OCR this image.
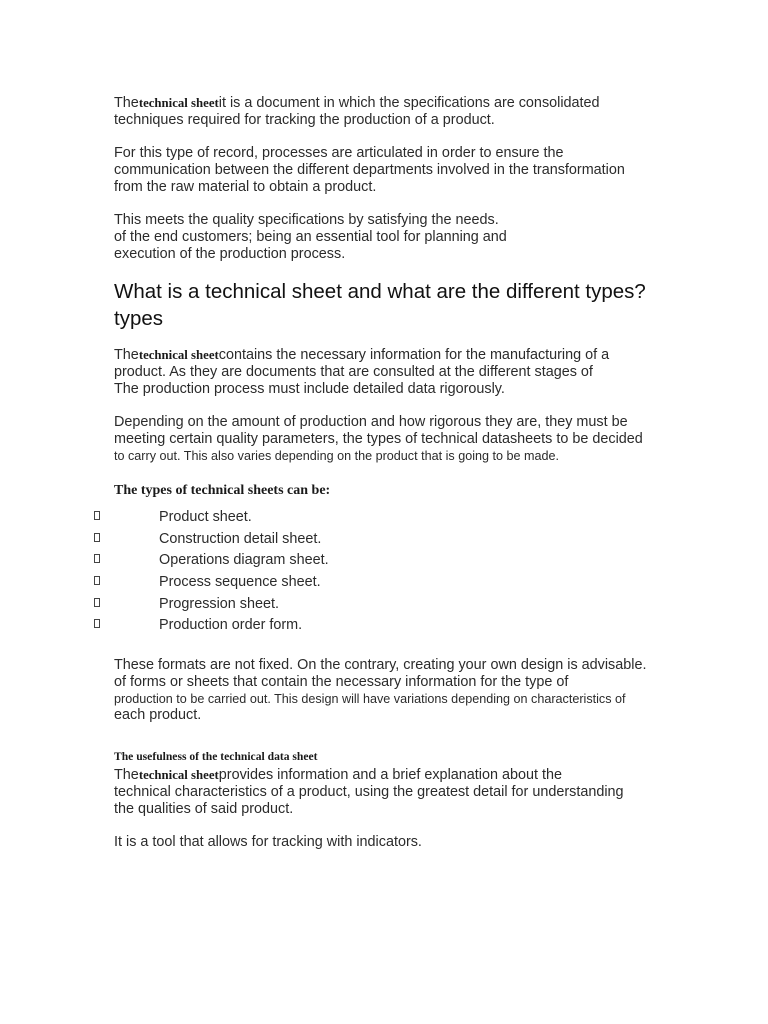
Thetechnical sheetit is a document in which the specifications are consolidated
techniques required for tracking the production of a product.

For this type of record, processes are articulated in order to ensure the
communication between the different departments involved in the transformation
from the raw material to obtain a product.

This meets the quality specifications by satisfying the needs.
of the end customers; being an essential tool for planning and
execution of the production process.

What is a technical sheet and what are the different types?
types

Thetechnical sheetcontains the necessary information for the manufacturing of a
product. As they are documents that are consulted at the different stages of
The production process must include detailed data rigorously.

Depending on the amount of production and how rigorous they are, they must be
meeting certain quality parameters, the types of technical datasheets to be decided
to carry out. This also varies depending on the product that is going to be made.

The types of technical sheets can be:
Product sheet.
Construction detail sheet.
Operations diagram sheet.
Process sequence sheet.
Progression sheet.
Production order form.

These formats are not fixed. On the contrary, creating your own design is advisable.
of forms or sheets that contain the necessary information for the type of
production to be carried out. This design will have variations depending on characteristics of
each product.

The usefulness of the technical data sheet

Thetechnical sheetprovides information and a brief explanation about the
technical characteristics of a product, using the greatest detail for understanding
the qualities of said product.

It is a tool that allows for tracking with indicators.
